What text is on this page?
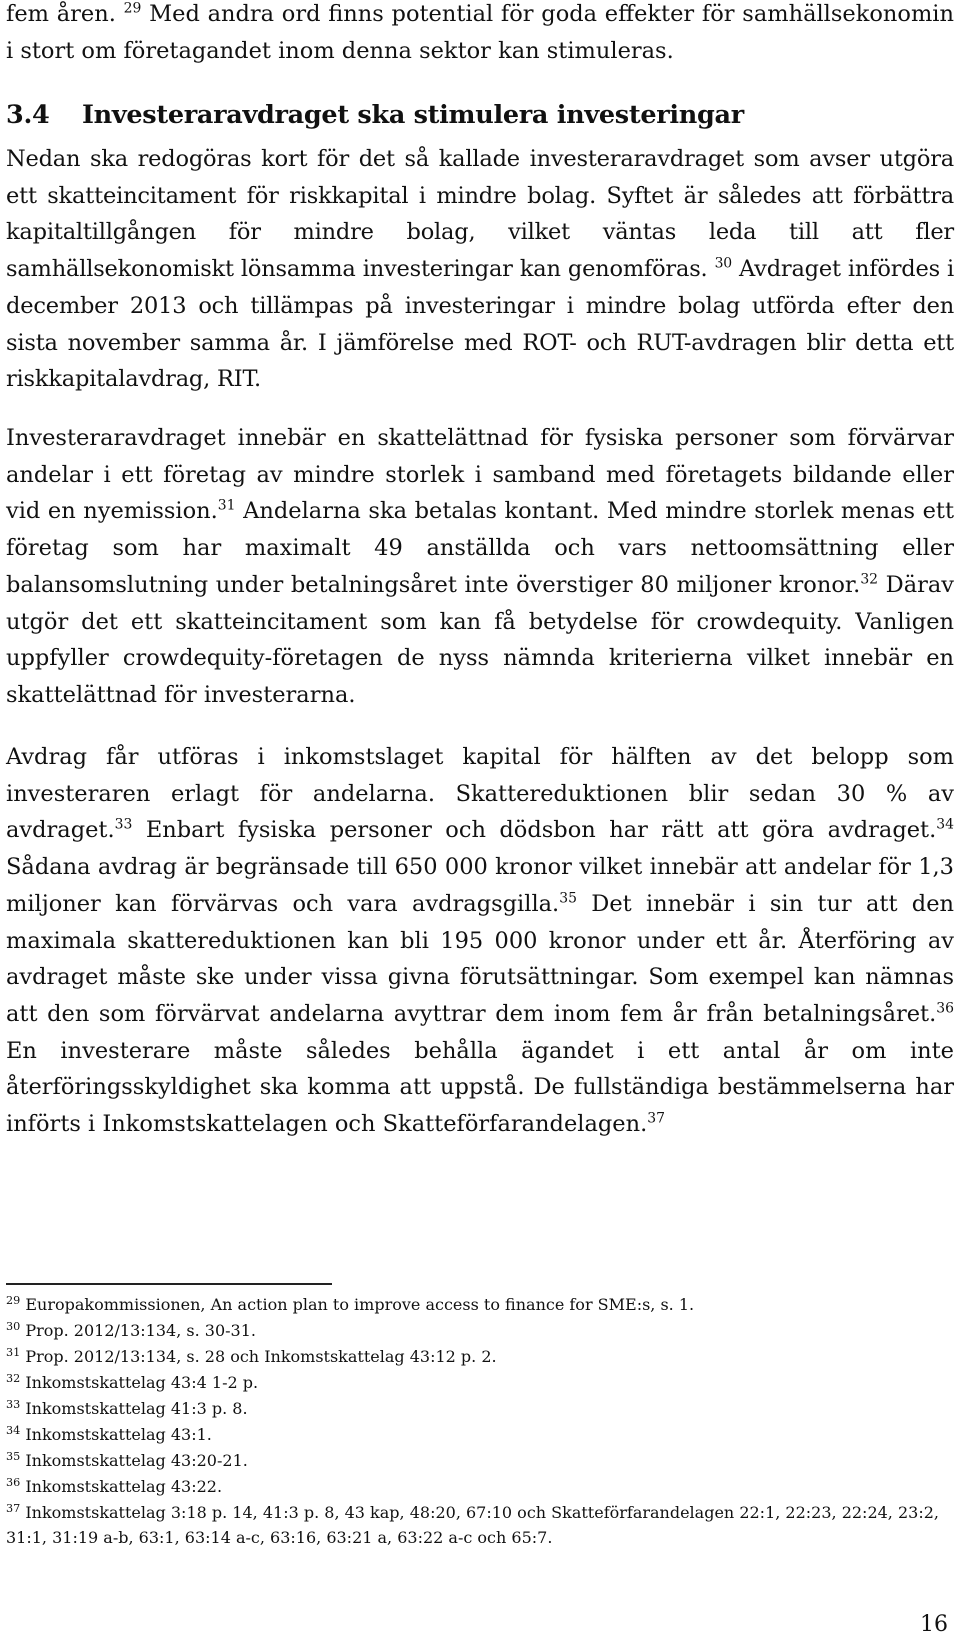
fem åren. $^{29}$ Med andra ord finns potential för goda effekter för samhällsekonomin i stort om företagandet inom denna sektor kan stimuleras.

3.4 Investeraravdraget ska stimulera investeringar

Nedan ska redogöras kort för det så kallade investeraravdraget som avser utgöra ett skatteincitament för riskkapital i mindre bolag. Syftet är således att förbättra kapitaltillgången för mindre bolag, vilket väntas leda till att fler samhällsekonomiskt lönsamma investeringar kan genomföras. $^{30}$ Avdraget infördes i december 2013 och tillämpas på investeringar i mindre bolag utförda efter den sista november samma år. I jämförelse med ROT- och RUT-avdragen blir detta ett riskkapitalavdrag, RIT.

Investeraravdraget innebär en skattelättnad för fysiska personer som förvärvar andelar i ett företag av mindre storlek i samband med företagets bildande eller vid en nyemission.$^{31}$ Andelarna ska betalas kontant. Med mindre storlek menas ett företag som har maximalt 49 anställda och vars nettoomsättning eller balansomslutning under betalningsåret inte överstiger 80 miljoner kronor.$^{32}$ Därav utgör det ett skatteincitament som kan få betydelse för crowdequity. Vanligen uppfyller crowdequity-företagen de nyss nämnda kriterierna vilket innebär en skattelättnad för investerarna.

Avdrag får utföras i inkomstslaget kapital för hälften av det belopp som investeraren erlagt för andelarna. Skattereduktionen blir sedan 30 % av avdraget.$^{33}$ Enbart fysiska personer och dödsbon har rätt att göra avdraget.$^{34}$ Sådana avdrag är begränsade till 650 000 kronor vilket innebär att andelar för 1,3 miljoner kan förvärvas och vara avdragsgilla.$^{35}$ Det innebär i sin tur att den maximala skattereduktionen kan bli 195 000 kronor under ett år. Återföring av avdraget måste ske under vissa givna förutsättningar. Som exempel kan nämnas att den som förvärvat andelarna avyttrar dem inom fem år från betalningsåret.$^{36}$ En investerare måste således behålla ägandet i ett antal år om inte återföringsskyldighet ska komma att uppstå. De fullständiga bestämmelserna har införts i Inkomstskattelagen och Skatteförfarandelagen.$^{37}$

$^{29}$ Europakommissionen, An action plan to improve access to finance for SME:s, s. 1.

$^{30}$ Prop. 2012/13:134, s. 30-31.

$^{31}$ Prop. 2012/13:134, s. 28 och Inkomstskattelag 43:12 p. 2.

$^{32}$ Inkomstskattelag 43:4 1-2 p.

$^{33}$ Inkomstskattelag 41:3 p. 8.

$^{34}$ Inkomstskattelag 43:1.

$^{35}$ Inkomstskattelag 43:20-21.

$^{36}$ Inkomstskattelag 43:22.

$^{37}$ Inkomstskattelag 3:18 p. 14, 41:3 p. 8, 43 kap, 48:20, 67:10 och Skatteförfarandelagen 22:1, 22:23, 22:24, 23:2, 31:1, 31:19 a-b, 63:1, 63:14 a-c, 63:16, 63:21 a, 63:22 a-c och 65:7.

16
